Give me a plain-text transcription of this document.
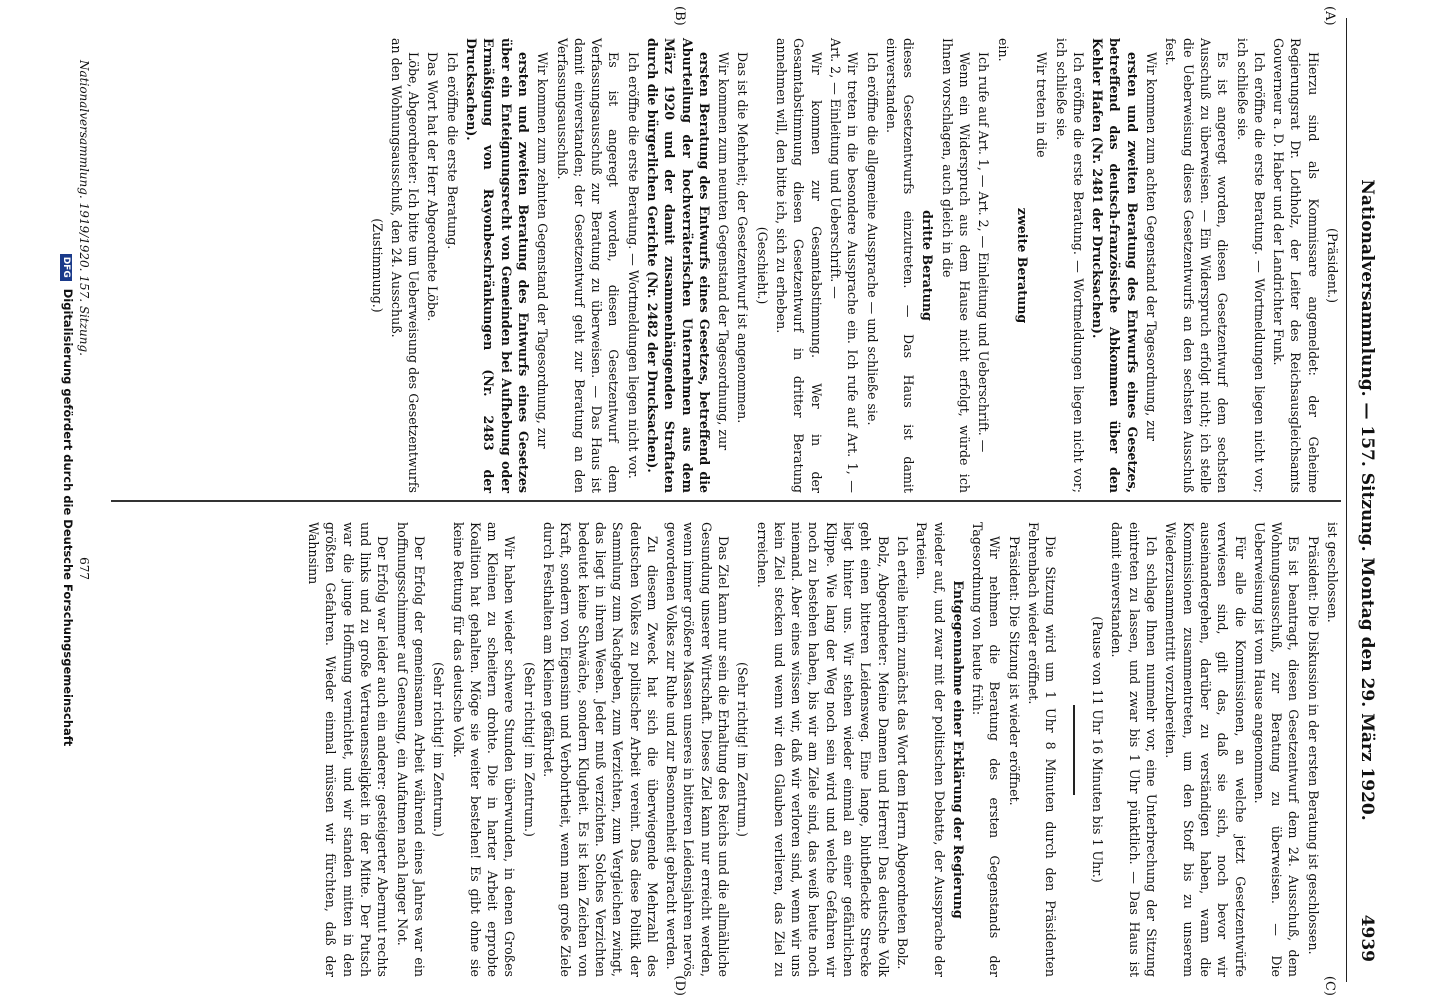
Nationalversammlung. — 157. Sitzung. Montag den 29. März 1920.
4939
(A)
(B)
(C)
(D)

(Präsident.)

Hierzu sind als Kommissare angemeldet: der Geheime Regierungsrat Dr. Lothholz, der Leiter des Reichsausgleichsamts Gouverneur a. D. Haber und der Landrichter Funk.

Ich eröffne die erste Beratung. — Wortmeldungen liegen nicht vor; ich schließe sie.

Es ist angeregt worden, diesen Gesetzentwurf dem sechsten Ausschuß zu überweisen. — Ein Widerspruch erfolgt nicht; ich stelle die Ueberweisung dieses Gesetzentwurfs an den sechsten Ausschuß fest.

Wir kommen zum achten Gegenstand der Tagesordnung, zur

ersten und zweiten Beratung des Entwurfs eines Gesetzes, betreffend das deutsch-französische Abkommen über den Kehler Hafen (Nr. 2481 der Drucksachen).

Ich eröffne die erste Beratung. — Wortmeldungen liegen nicht vor; ich schließe sie.

Wir treten in die

zweite Beratung

ein.

Ich rufe auf Art. 1, — Art. 2, — Einleitung und Ueberschrift. —

Wenn ein Widerspruch aus dem Hause nicht erfolgt, würde ich Ihnen vorschlagen, auch gleich in die

dritte Beratung

dieses Gesetzentwurfs einzutreten. — Das Haus ist damit einverstanden.

Ich eröffne die allgemeine Aussprache — und schließe sie.

Wir treten in die besondere Aussprache ein. Ich rufe auf Art. 1, — Art. 2, — Einleitung und Ueberschrift. —

Wir kommen zur Gesamtabstimmung. Wer in der Gesamtabstimmung diesen Gesetzentwurf in dritter Beratung annehmen will, den bitte ich, sich zu erheben.

(Geschieht.)

Das ist die Mehrheit; der Gesetzentwurf ist angenommen.

Wir kommen zum neunten Gegenstand der Tagesordnung, zur

ersten Beratung des Entwurfs eines Gesetzes, betreffend die Aburteilung der hochverräterischen Unternehmen aus dem März 1920 und der damit zusammenhängenden Straftaten durch die bürgerlichen Gerichte (Nr. 2482 der Drucksachen).

Ich eröffne die erste Beratung. — Wortmeldungen liegen nicht vor.

Es ist angeregt worden, diesen Gesetzentwurf dem Verfassungsausschuß zur Beratung zu überweisen. — Das Haus ist damit einverstanden; der Gesetzentwurf geht zur Beratung an den Verfassungsausschuß.

Wir kommen zum zehnten Gegenstand der Tagesordnung, zur

ersten und zweiten Beratung des Entwurfs eines Gesetzes über ein Enteignungsrecht von Gemeinden bei Aufhebung oder Ermäßigung von Rayonbeschränkungen (Nr. 2483 der Drucksachen).

Ich eröffne die erste Beratung.

Das Wort hat der Herr Abgeordnete Löbe.

Löbe, Abgeordneter: Ich bitte um Ueberweisung des Gesetzentwurfs an den Wohnungsausschuß, den 24. Ausschuß.

(Zustimmung.)

ist geschlossen.

Präsident: Die Diskussion in der ersten Beratung ist geschlossen.

Es ist beantragt, diesen Gesetzentwurf dem 24. Ausschuß, dem Wohnungsausschuß, zur Beratung zu überweisen. — Die Ueberweisung ist vom Hause angenommen.

Für alle die Kommissionen, an welche jetzt Gesetzentwürfe verwiesen sind, gilt das, daß sie sich, noch bevor wir auseinandergehen, darüber zu verständigen haben, wann die Kommissionen zusammentreten, um den Stoff bis zu unserem Wiederzusammentritt vorzubereiten.

Ich schlage Ihnen nunmehr vor, eine Unterbrechung der Sitzung eintreten zu lassen, und zwar bis 1 Uhr pünktlich. — Das Haus ist damit einverstanden.

(Pause von 11 Uhr 16 Minuten bis 1 Uhr.)

Die Sitzung wird um 1 Uhr 8 Minuten durch den Präsidenten Fehrenbach wieder eröffnet.

Präsident: Die Sitzung ist wieder eröffnet.

Wir nehmen die Beratung des ersten Gegenstands der Tagesordnung von heute früh:

Entgegennahme einer Erklärung der Regierung

wieder auf, und zwar mit der politischen Debatte, der Aussprache der Parteien.

Ich erteile hierin zunächst das Wort dem Herrn Abgeordneten Bolz.

Bolz, Abgeordneter: Meine Damen und Herren! Das deutsche Volk geht einen bitteren Leidensweg. Eine lange, blutbefleckte Strecke liegt hinter uns. Wir stehen wieder einmal an einer gefährlichen Klippe. Wie lang der Weg noch sein wird und welche Gefahren wir noch zu bestehen haben, bis wir am Ziele sind, das weiß heute noch niemand. Aber eines wissen wir, daß wir verloren sind, wenn wir uns kein Ziel stecken und wenn wir den Glauben verlieren, das Ziel zu erreichen.

(Sehr richtig! im Zentrum.)

Das Ziel kann nur sein die Erhaltung des Reichs und die allmähliche Gesundung unserer Wirtschaft. Dieses Ziel kann nur erreicht werden, wenn immer größere Massen unseres in bitteren Leidensjahren nervös gewordenen Volkes zur Ruhe und zur Besonnenheit gebracht werden.

Zu diesem Zweck hat sich die überwiegende Mehrzahl des deutschen Volkes zu politischer Arbeit vereint. Das diese Politik der Sammlung zum Nachgeben, zum Verzichten, zum Vergleichen zwingt, das liegt in ihrem Wesen. Jeder muß verzichten. Solches Verzichten bedeutet keine Schwäche, sondern Klugheit. Es ist kein Zeichen von Kraft, sondern von Eigensinn und Verbohrtheit, wenn man große Ziele durch Festhalten am Kleinen gefährdet.

(Sehr richtig! im Zentrum.)

Wir haben wieder schwere Stunden überwunden, in denen Großes am Kleinen zu scheitern drohte. Die in harter Arbeit erprobte Koalition hat gehalten. Möge sie weiter bestehen! Es gibt ohne sie keine Rettung für das deutsche Volk.

(Sehr richtig! im Zentrum.)

Der Erfolg der gemeinsamen Arbeit während eines Jahres war ein hoffnungsschimmer auf Genesung, ein Aufatmen nach langer Not.

Der Erfolg war leider auch ein anderer: gesteigerter Abermut rechts und links und zu große Vertrauensseligkeit in der Mitte. Der Putsch war die junge Hoffnung vernichtet, und wir standen mitten in den größten Gefahren. Wieder einmal müssen wir fürchten, daß der Wahnsinn

Nationalversammlung. 1919/1920. 157. Sitzung.
677
DFG Digitalisierung gefördert durch die Deutsche Forschungsgemeinschaft
